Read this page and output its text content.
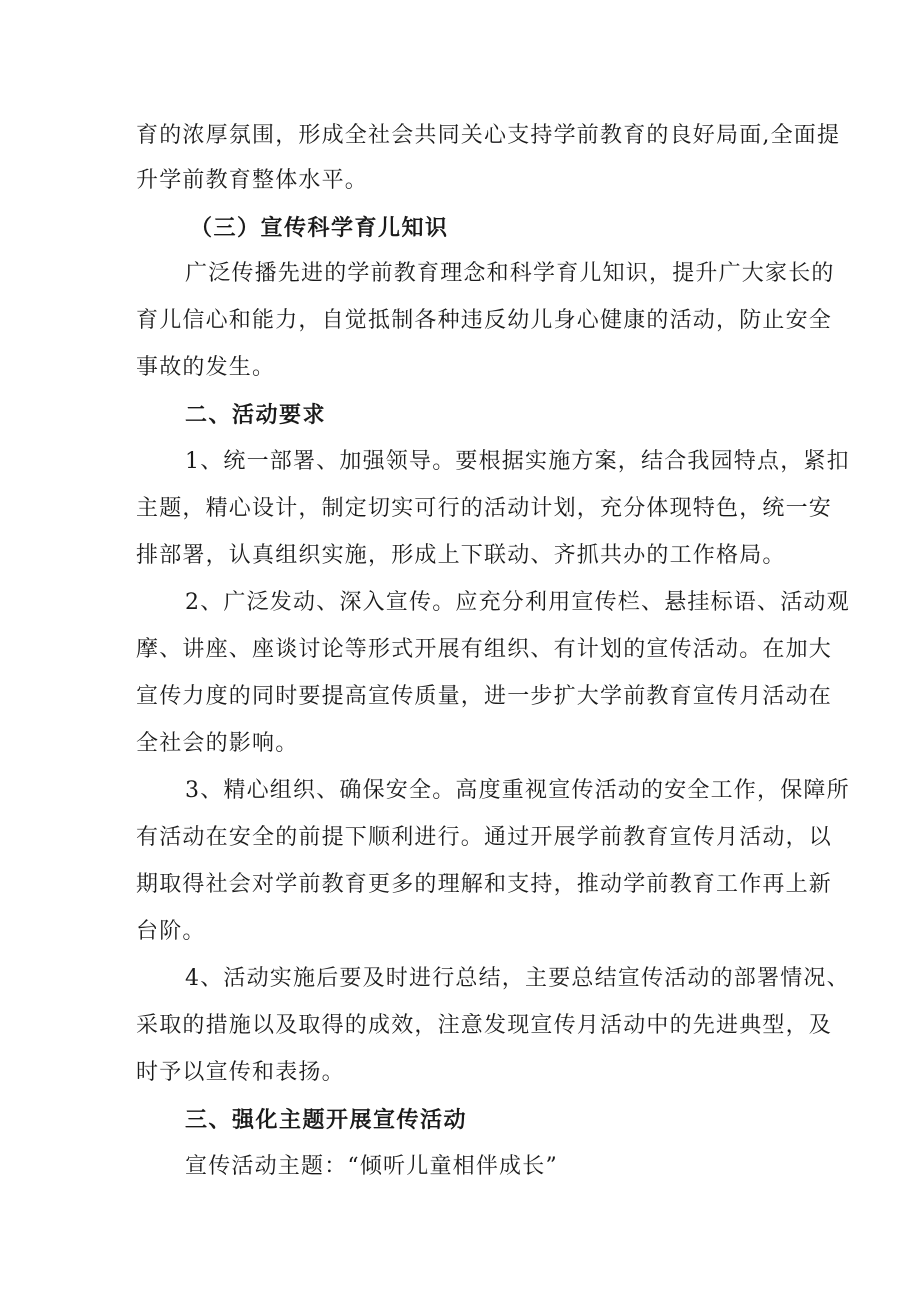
育的浓厚氛围，形成全社会共同关心支持学前教育的良好局面,全面提
升学前教育整体水平。
（三）宣传科学育儿知识
广泛传播先进的学前教育理念和科学育儿知识，提升广大家长的
育儿信心和能力，自觉抵制各种违反幼儿身心健康的活动，防止安全
事故的发生。
二、活动要求
1、统一部署、加强领导。要根据实施方案，结合我园特点，紧扣
主题，精心设计，制定切实可行的活动计划，充分体现特色，统一安
排部署，认真组织实施，形成上下联动、齐抓共办的工作格局。
2、广泛发动、深入宣传。应充分利用宣传栏、悬挂标语、活动观
摩、讲座、座谈讨论等形式开展有组织、有计划的宣传活动。在加大
宣传力度的同时要提高宣传质量，进一步扩大学前教育宣传月活动在
全社会的影响。
3、精心组织、确保安全。高度重视宣传活动的安全工作，保障所
有活动在安全的前提下顺利进行。通过开展学前教育宣传月活动，以
期取得社会对学前教育更多的理解和支持，推动学前教育工作再上新
台阶。
4、活动实施后要及时进行总结，主要总结宣传活动的部署情况、
采取的措施以及取得的成效，注意发现宣传月活动中的先进典型，及
时予以宣传和表扬。
三、强化主题开展宣传活动
宣传活动主题：“倾听儿童相伴成长”
